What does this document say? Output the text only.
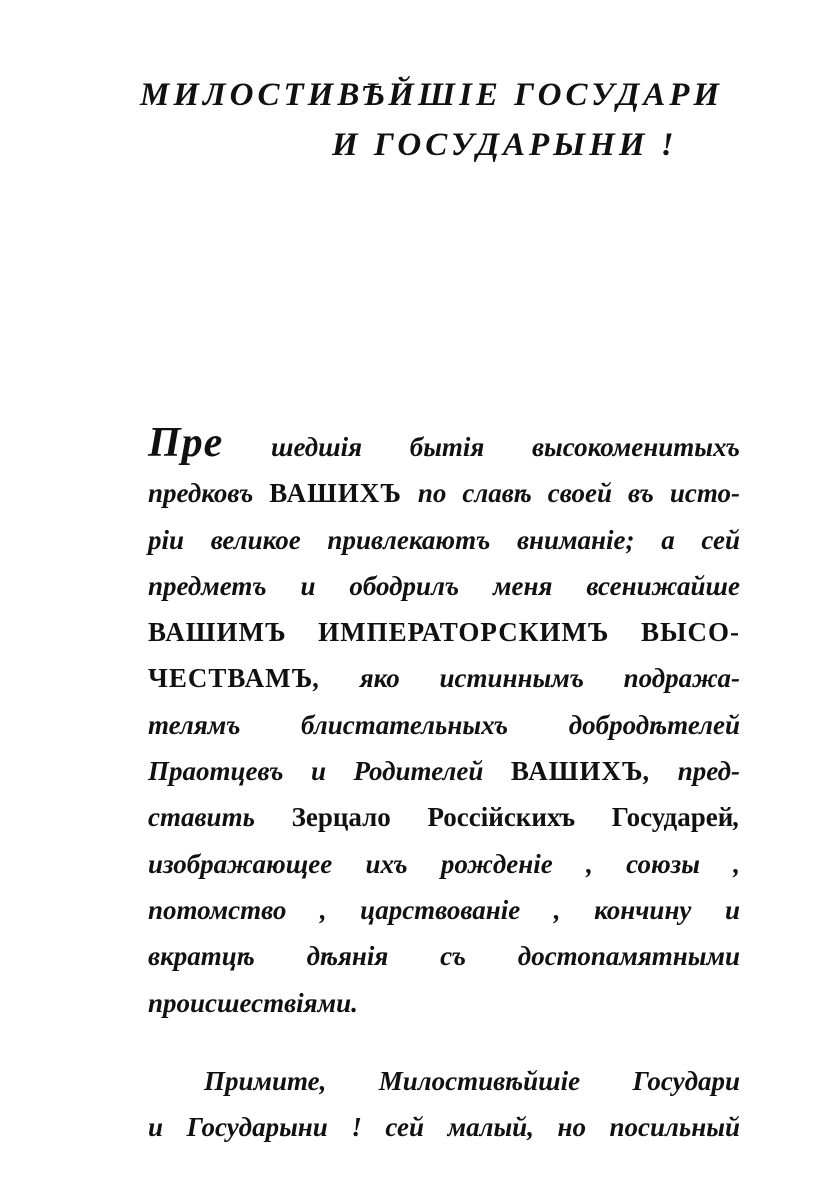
МИЛОСТИВѢЙШІЕ ГОСУДАРИ
И ГОСУДАРЫНИ !
Пре шедшія бытія высокоменитыхъ
предковъ ВАШИХЪ по славѣ своей въ исто-
ріи великое привлекаютъ вниманіе; а сей
предметъ и ободрилъ меня всенижайше
ВАШИМЪ ИМПЕРАТОРСКИМЪ ВЫСО-
ЧЕСТВАМЪ, яко истиннымъ подража-
телямъ блистательныхъ добродѣтелей
Праотцевъ и Родителей ВАШИХЪ, пред-
ставить Зерцало Россійскихъ Государей,
изображающее ихъ рожденіе , союзы ,
потомство , царствованіе , кончину и
вкратцѣ дѣянія съ достопамятными
происшествіями.
Примите, Милостивѣйшіе Государи
и Государыни ! сей малый, но посильный
